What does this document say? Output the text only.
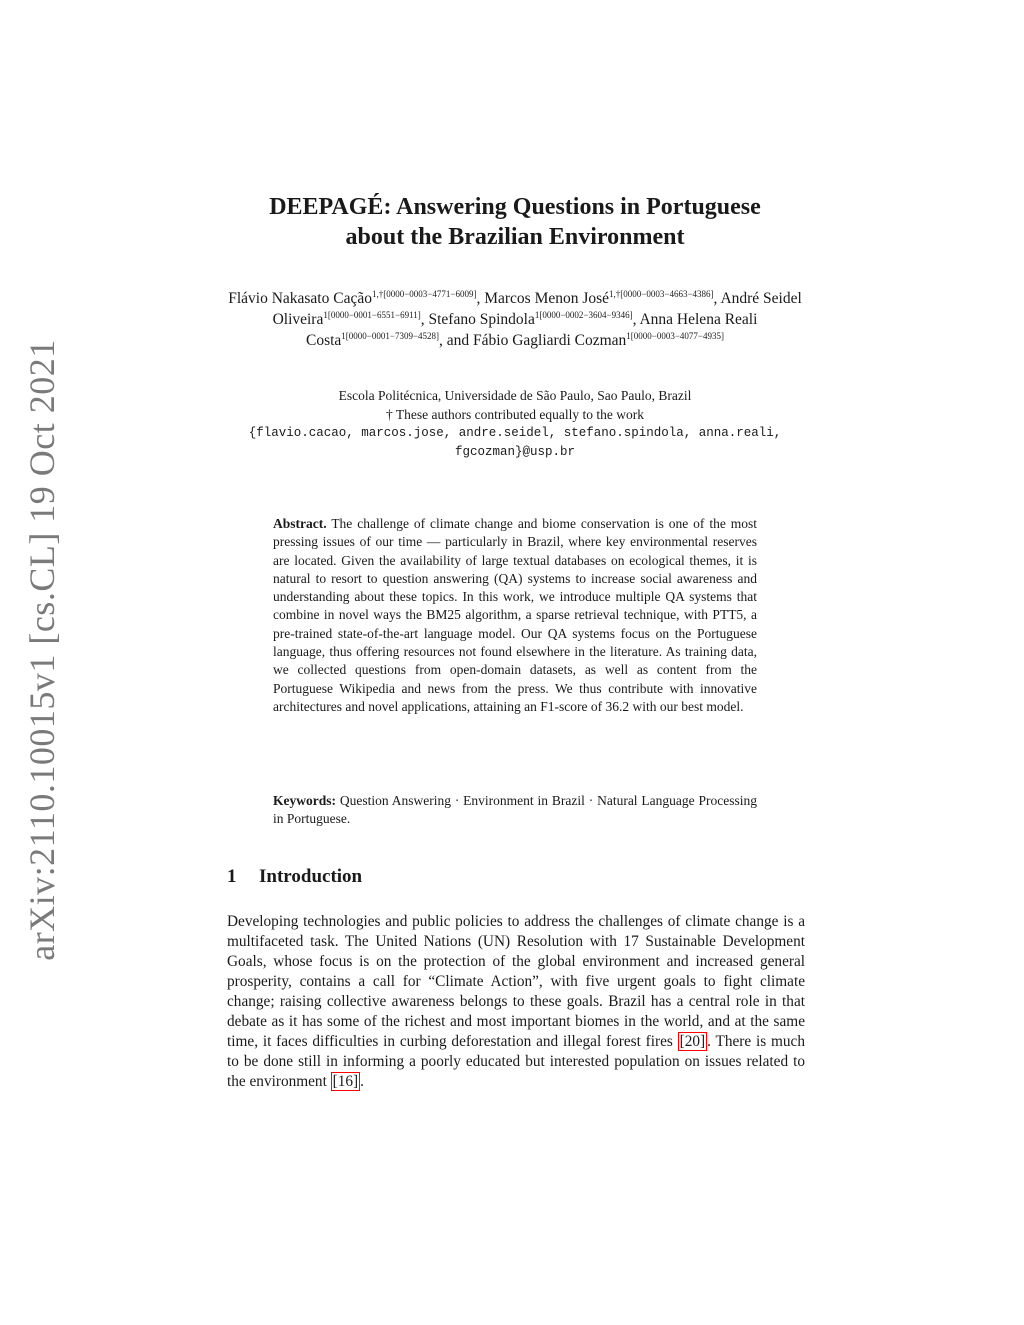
arXiv:2110.10015v1 [cs.CL] 19 Oct 2021
DEEPAGÉ: Answering Questions in Portuguese
about the Brazilian Environment
Flávio Nakasato Cação$^{1,\dagger[0000-0003-4771-6009]}$, Marcos Menon José$^{1,\dagger[0000-0003-4663-4386]}$, André Seidel Oliveira$^{1[0000-0001-6551-6911]}$, Stefano Spindola$^{1[0000-0002-3604-9346]}$, Anna Helena Reali Costa$^{1[0000-0001-7309-4528]}$, and Fábio Gagliardi Cozman$^{1[0000-0003-4077-4935]}$
Escola Politécnica, Universidade de São Paulo, Sao Paulo, Brazil
† These authors contributed equally to the work
{flavio.cacao, marcos.jose, andre.seidel, stefano.spindola, anna.reali,
fgcozman}@usp.br
Abstract. The challenge of climate change and biome conservation is one of the most pressing issues of our time — particularly in Brazil, where key environmental reserves are located. Given the availability of large textual databases on ecological themes, it is natural to resort to question answering (QA) systems to increase social awareness and understanding about these topics. In this work, we introduce multiple QA systems that combine in novel ways the BM25 algorithm, a sparse retrieval technique, with PTT5, a pre-trained state-of-the-art language model. Our QA systems focus on the Portuguese language, thus offering resources not found elsewhere in the literature. As training data, we collected questions from open-domain datasets, as well as content from the Portuguese Wikipedia and news from the press. We thus contribute with innovative architectures and novel applications, attaining an F1-score of 36.2 with our best model.
Keywords: Question Answering · Environment in Brazil · Natural Language Processing in Portuguese.
1 Introduction
Developing technologies and public policies to address the challenges of climate change is a multifaceted task. The United Nations (UN) Resolution with 17 Sustainable Development Goals, whose focus is on the protection of the global environment and increased general prosperity, contains a call for “Climate Action”, with five urgent goals to fight climate change; raising collective awareness belongs to these goals. Brazil has a central role in that debate as it has some of the richest and most important biomes in the world, and at the same time, it faces difficulties in curbing deforestation and illegal forest fires [20] . There is much to be done still in informing a poorly educated but interested population on issues related to the environment [16] .
